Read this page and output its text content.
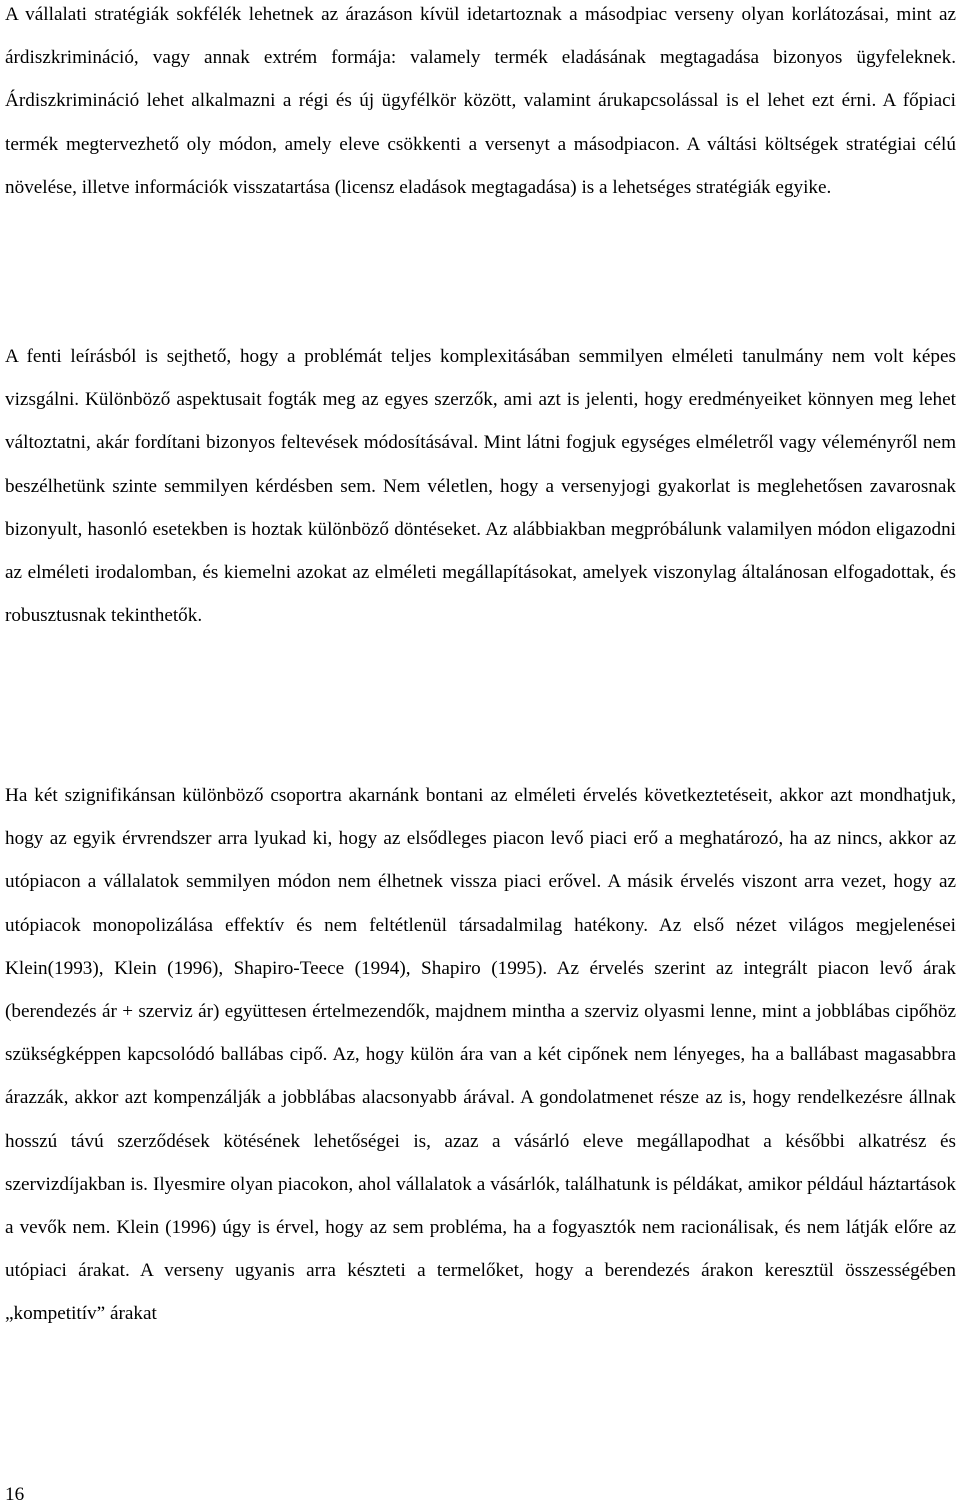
A vállalati stratégiák sokfélék lehetnek az árazáson kívül idetartoznak a másodpiac verseny olyan korlátozásai, mint az árdiszkrimináció, vagy annak extrém formája: valamely termék eladásának megtagadása bizonyos ügyfeleknek. Árdiszkrimináció lehet alkalmazni a régi és új ügyfélkör között, valamint árukapcsolással is el lehet ezt érni. A főpiaci termék megtervezhető oly módon, amely eleve csökkenti a versenyt a másodpiacon. A váltási költségek stratégiai célú növelése, illetve információk visszatartása (licensz eladások megtagadása) is a lehetséges stratégiák egyike.

A fenti leírásból is sejthető, hogy a problémát teljes komplexitásában semmilyen elméleti tanulmány nem volt képes vizsgálni. Különböző aspektusait fogták meg az egyes szerzők, ami azt is jelenti, hogy eredményeiket könnyen meg lehet változtatni, akár fordítani bizonyos feltevések módosításával. Mint látni fogjuk egységes elméletről vagy véleményről nem beszélhetünk szinte semmilyen kérdésben sem. Nem véletlen, hogy a versenyjogi gyakorlat is meglehetősen zavarosnak bizonyult, hasonló esetekben is hoztak különböző döntéseket. Az alábbiakban megpróbálunk valamilyen módon eligazodni az elméleti irodalomban, és kiemelni azokat az elméleti megállapításokat, amelyek viszonylag általánosan elfogadottak, és robusztusnak tekinthetők.

Ha két szignifikánsan különböző csoportra akarnánk bontani az elméleti érvelés következtetéseit, akkor azt mondhatjuk, hogy az egyik érvrendszer arra lyukad ki, hogy az elsődleges piacon levő piaci erő a meghatározó, ha az nincs, akkor az utópiacon a vállalatok semmilyen módon nem élhetnek vissza piaci erővel. A másik érvelés viszont arra vezet, hogy az utópiacok monopolizálása effektív és nem feltétlenül társadalmilag hatékony. Az első nézet világos megjelenései Klein(1993), Klein (1996), Shapiro-Teece (1994), Shapiro (1995). Az érvelés szerint az integrált piacon levő árak (berendezés ár + szerviz ár) együttesen értelmezendők, majdnem mintha a szerviz olyasmi lenne, mint a jobblábas cipőhöz szükségképpen kapcsolódó ballábas cipő. Az, hogy külön ára van a két cipőnek nem lényeges, ha a ballábast magasabbra árazzák, akkor azt kompenzálják a jobblábas alacsonyabb árával. A gondolatmenet része az is, hogy rendelkezésre állnak hosszú távú szerződések kötésének lehetőségei is, azaz a vásárló eleve megállapodhat a későbbi alkatrész és szervizdíjakban is. Ilyesmire olyan piacokon, ahol vállalatok a vásárlók, találhatunk is példákat, amikor például háztartások a vevők nem. Klein (1996) úgy is érvel, hogy az sem probléma, ha a fogyasztók nem racionálisak, és nem látják előre az utópiaci árakat. A verseny ugyanis arra készteti a termelőket, hogy a berendezés árakon keresztül összességében „kompetitív” árakat

16
